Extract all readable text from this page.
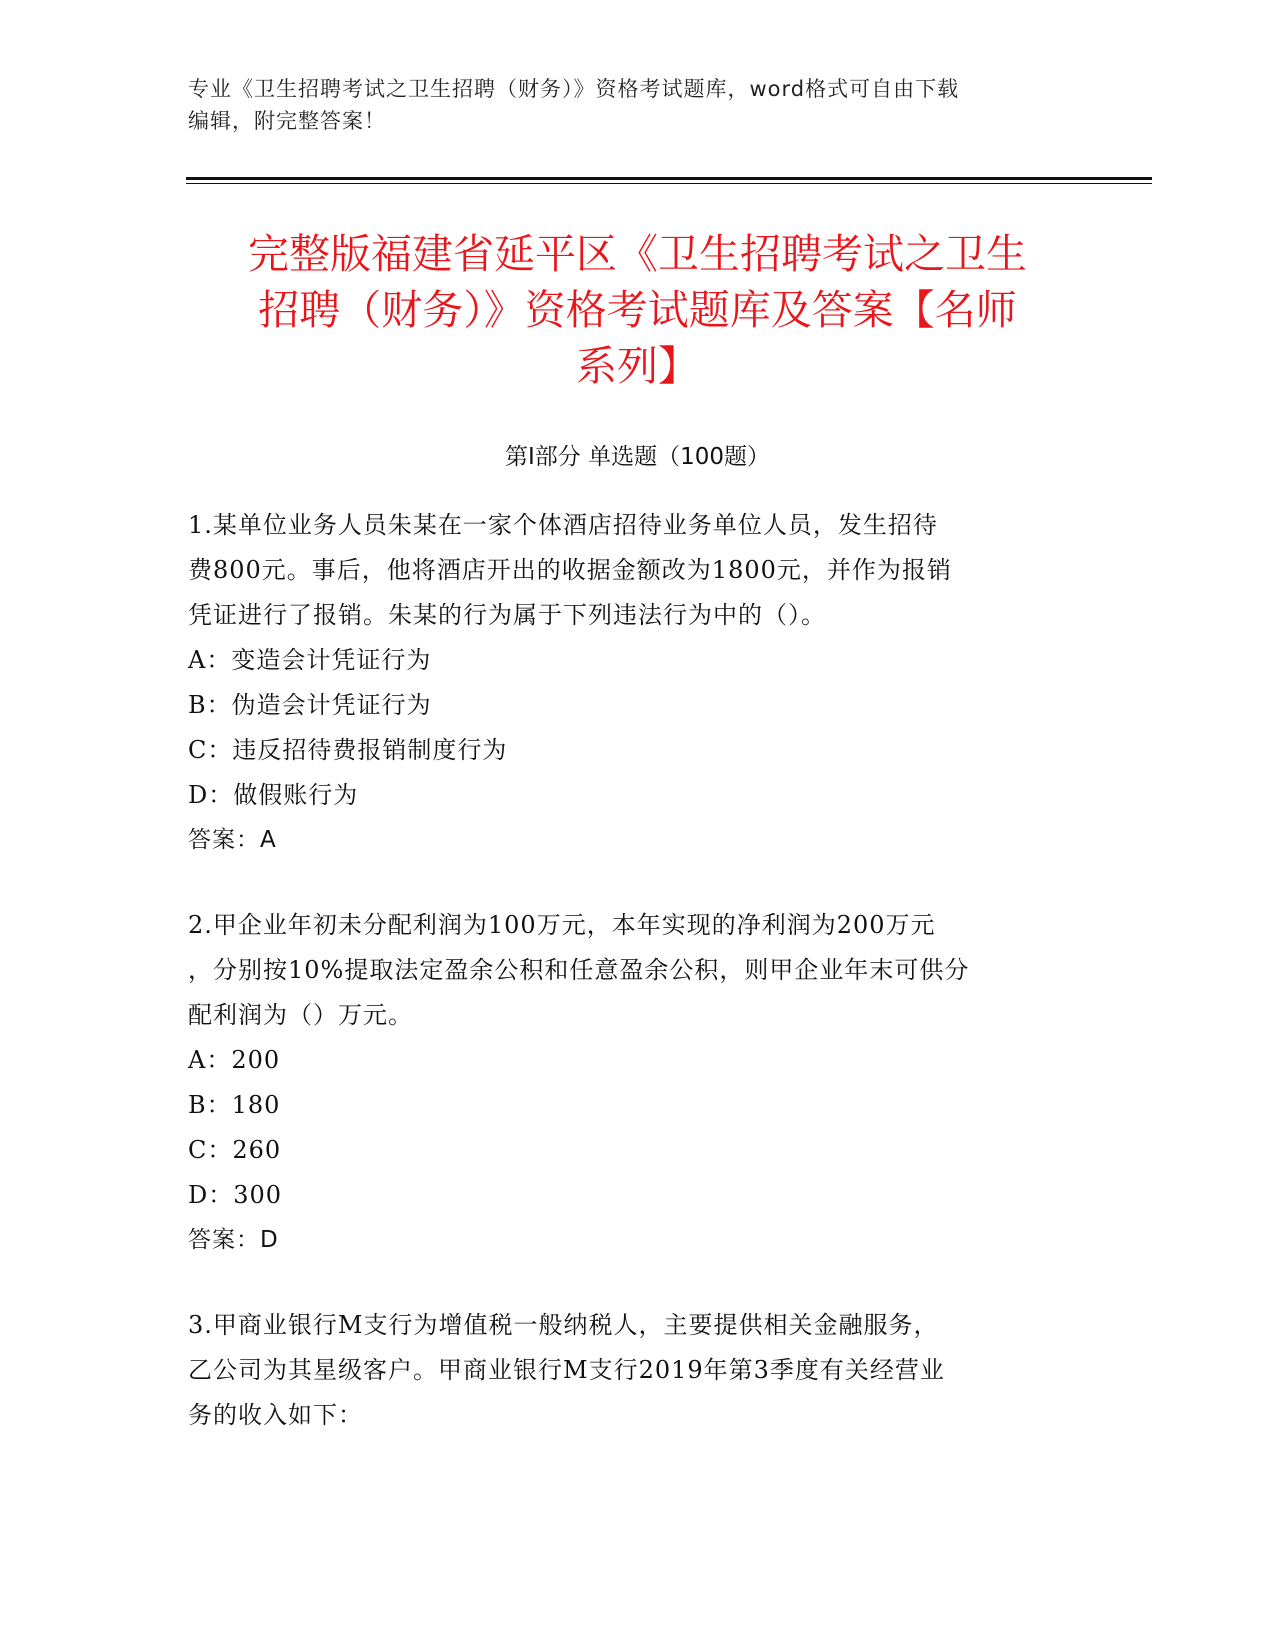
专业《卫生招聘考试之卫生招聘（财务）》资格考试题库，word格式可自由下载
编辑，附完整答案！
完整版福建省延平区《卫生招聘考试之卫生
招聘（财务）》资格考试题库及答案【名师
系列】
第Ⅰ部分 单选题（100题）
1.某单位业务人员朱某在一家个体酒店招待业务单位人员，发生招待
费800元。事后，他将酒店开出的收据金额改为1800元，并作为报销
凭证进行了报销。朱某的行为属于下列违法行为中的（）。
A：变造会计凭证行为
B：伪造会计凭证行为
C：违反招待费报销制度行为
D：做假账行为
答案：A
2.甲企业年初未分配利润为100万元，本年实现的净利润为200万元
，分别按10%提取法定盈余公积和任意盈余公积，则甲企业年末可供分
配利润为（）万元。
A：200
B：180
C：260
D：300
答案：D
3.甲商业银行M支行为增值税一般纳税人，主要提供相关金融服务，
乙公司为其星级客户。甲商业银行M支行2019年第3季度有关经营业
务的收入如下：
